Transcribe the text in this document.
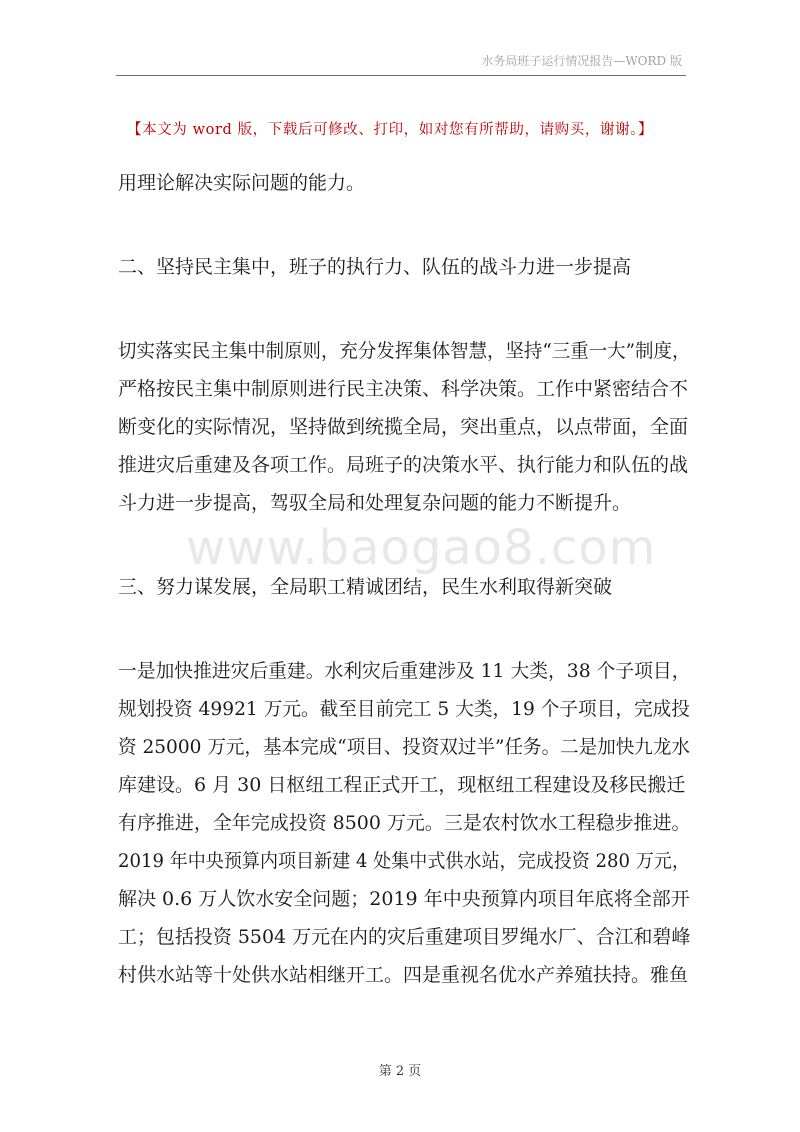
水务局班子运行情况报告—WORD 版
【本文为 word 版，下载后可修改、打印，如对您有所帮助，请购买，谢谢。】
www.baogao8.com
用理论解决实际问题的能力。
二、坚持民主集中，班子的执行力、队伍的战斗力进一步提高
切实落实民主集中制原则，充分发挥集体智慧，坚持“三重一大”制度，
严格按民主集中制原则进行民主决策、科学决策。工作中紧密结合不
断变化的实际情况，坚持做到统揽全局，突出重点，以点带面，全面
推进灾后重建及各项工作。局班子的决策水平、执行能力和队伍的战
斗力进一步提高，驾驭全局和处理复杂问题的能力不断提升。
三、努力谋发展，全局职工精诚团结，民生水利取得新突破
一是加快推进灾后重建。水利灾后重建涉及 11 大类，38 个子项目，
规划投资 49921 万元。截至目前完工 5 大类，19 个子项目，完成投
资 25000 万元，基本完成“项目、投资双过半”任务。二是加快九龙水
库建设。6 月 30 日枢纽工程正式开工，现枢纽工程建设及移民搬迁
有序推进，全年完成投资 8500 万元。三是农村饮水工程稳步推进。
2019 年中央预算内项目新建 4 处集中式供水站，完成投资 280 万元，
解决 0.6 万人饮水安全问题；2019 年中央预算内项目年底将全部开
工；包括投资 5504 万元在内的灾后重建项目罗绳水厂、合江和碧峰
村供水站等十处供水站相继开工。四是重视名优水产养殖扶持。雅鱼
第 2 页
